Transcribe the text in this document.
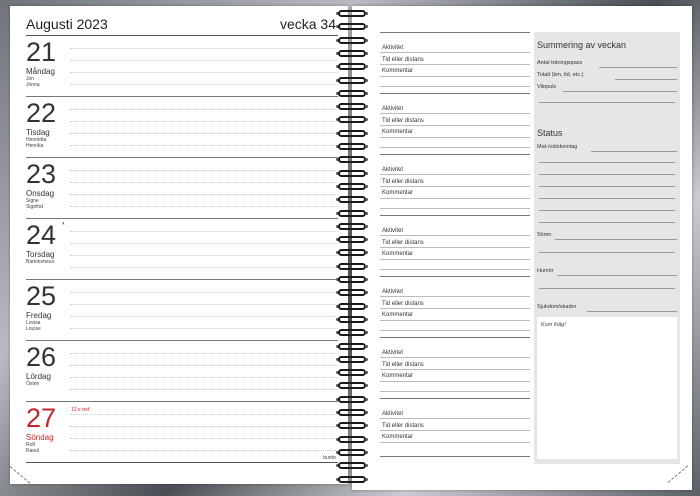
Augusti 2023	vecka 34
21
Måndag
Jon
Jonna
22
Tisdag
Henrietta
Henrika
23
Onsdag
Signe
Sigefrid
24 ◐
Torsdag
Bartolomeus
25
Fredag
Lovisa
Louise
26
Lördag
Östen
27	12:e tref.
Söndag
Rolf
Raoul
burde
Aktivitet
Tid eller distans
Kommentar
Aktivitet
Tid eller distans
Kommentar
Aktivitet
Tid eller distans
Kommentar
Aktivitet
Tid eller distans
Kommentar
Aktivitet
Tid eller distans
Kommentar
Aktivitet
Tid eller distans
Kommentar
Aktivitet
Tid eller distans
Kommentar
Summering av veckan
Antal träningspass
Totalt (km, tid, etc.)
Vilopuls
Status
Mat-/vätskeintag
Sömn
Humör
Sjukdom/skador
Kom ihåg!
